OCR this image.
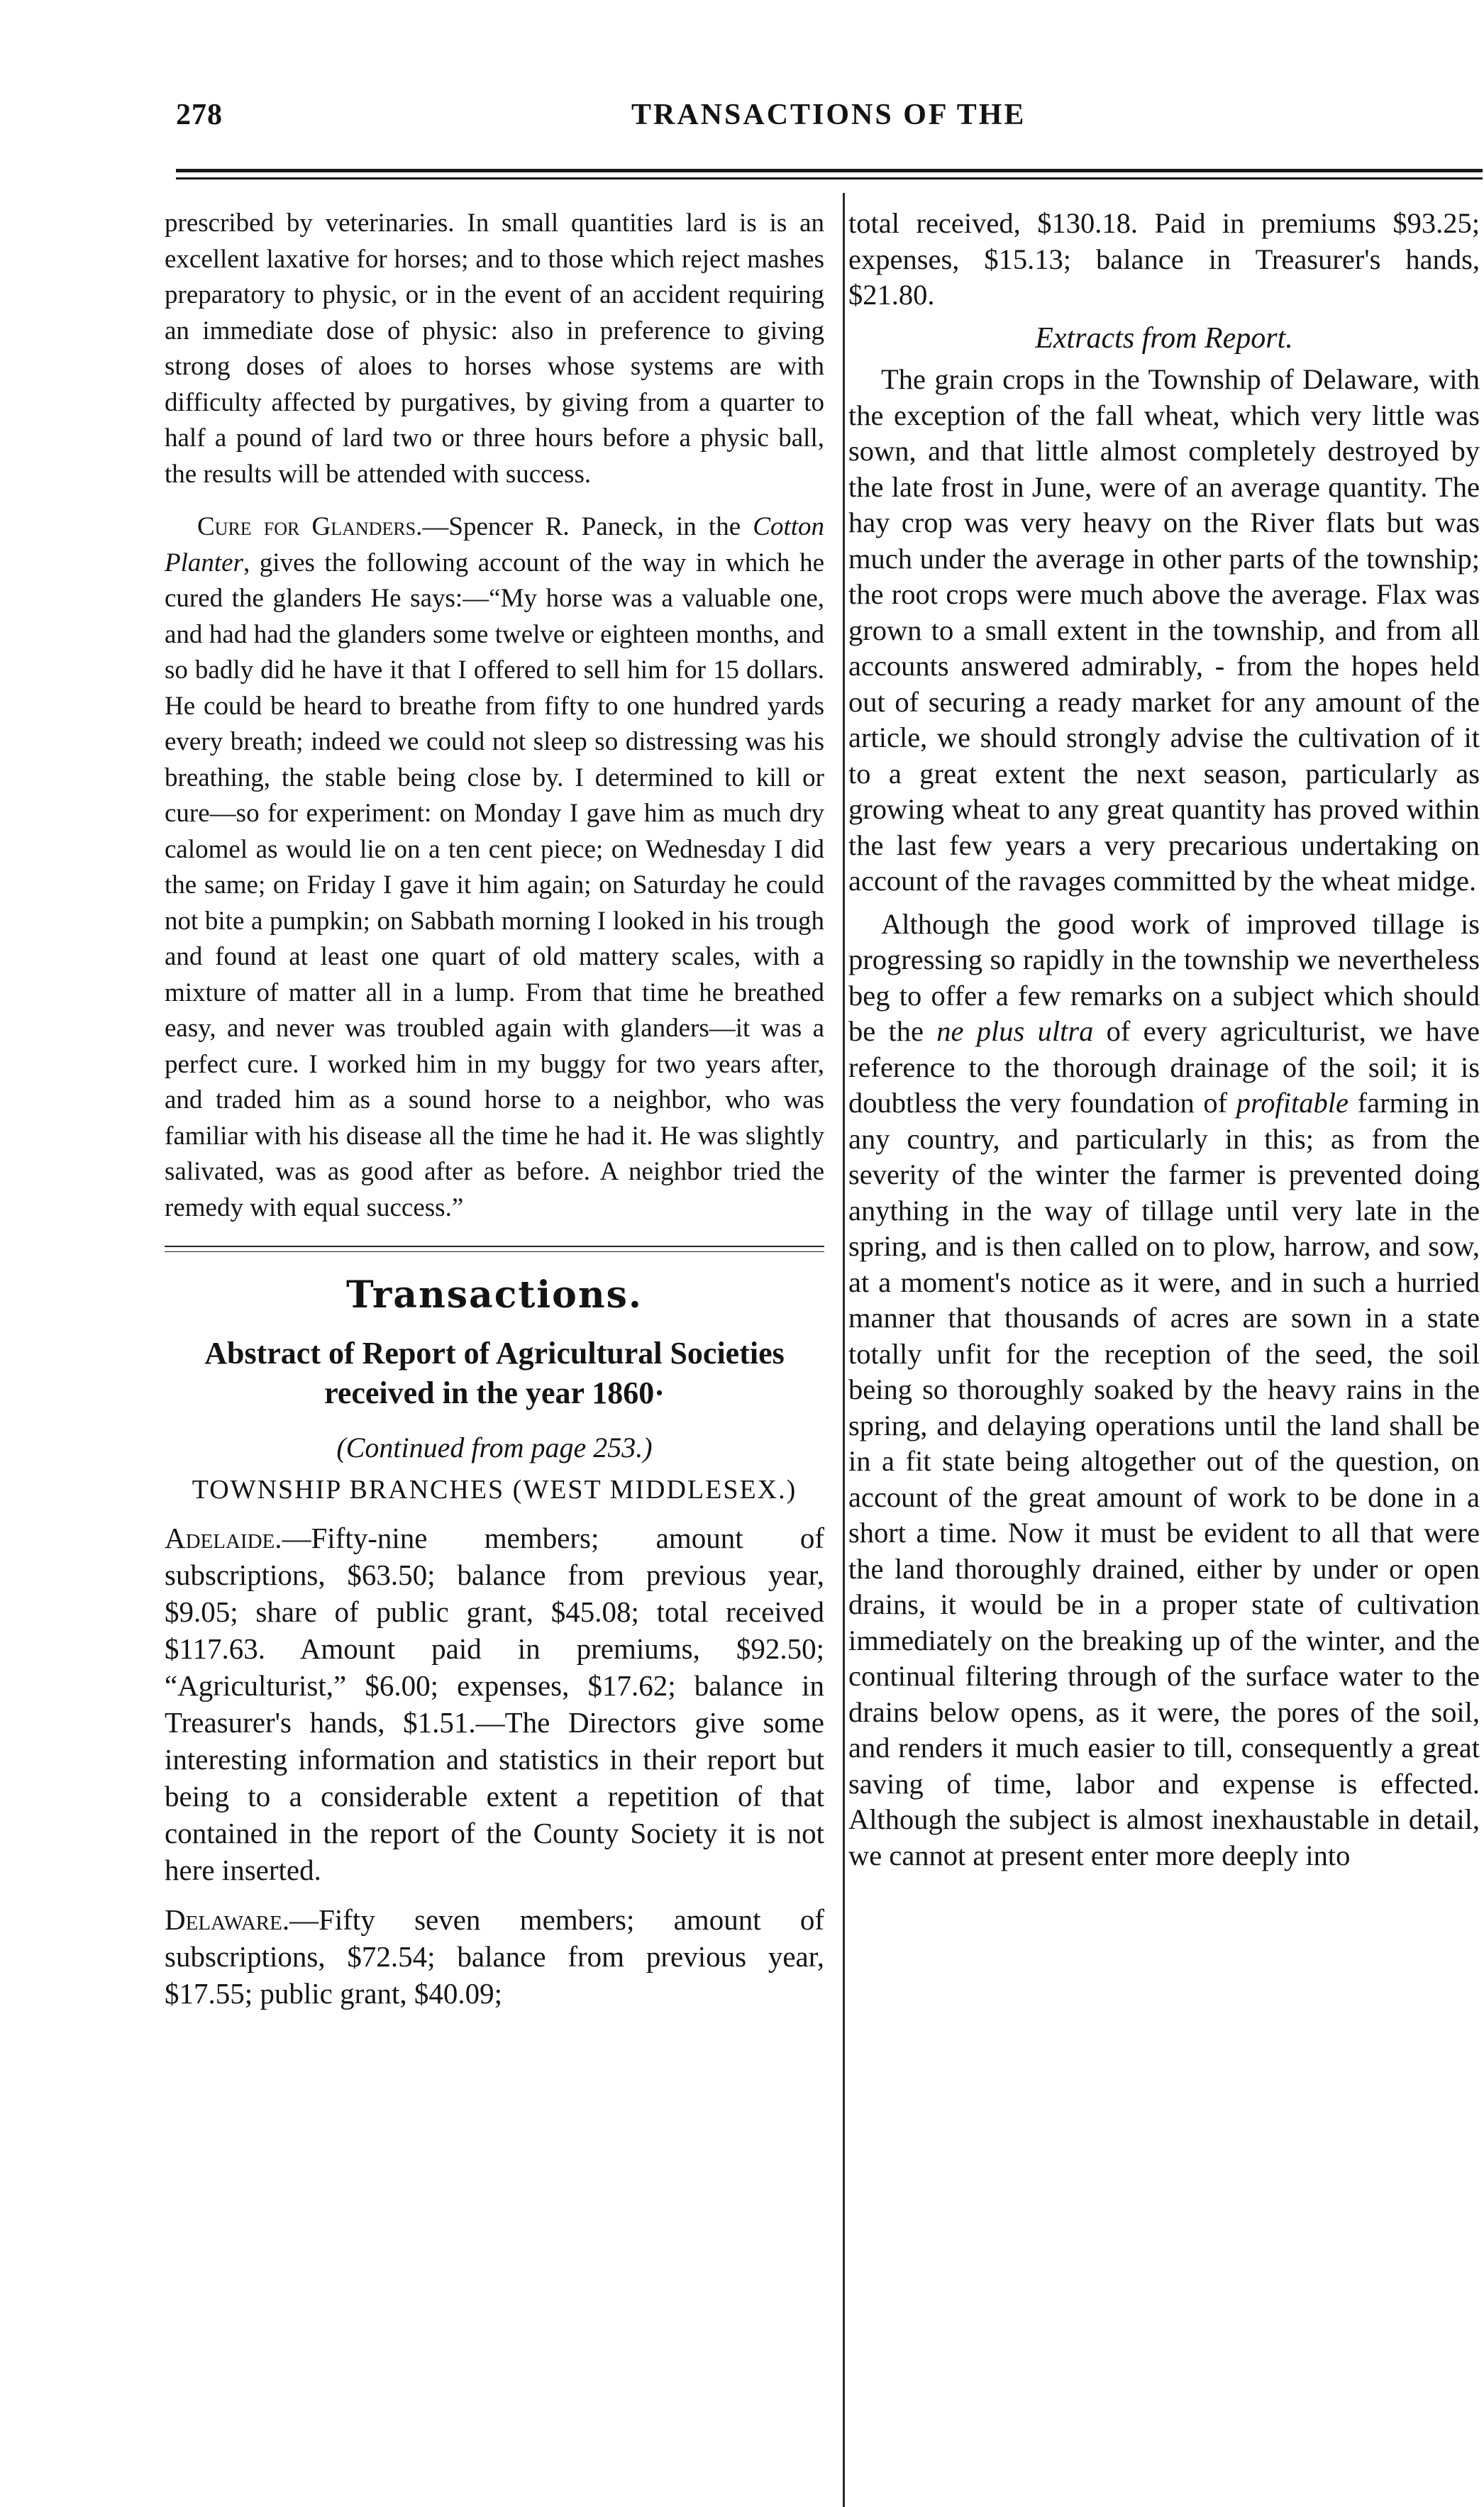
278	TRANSACTIONS OF THE

prescribed by veterinaries. In small quantities lard is is an excellent laxative for horses; and to those which reject mashes preparatory to physic, or in the event of an accident requiring an immediate dose of physic: also in preference to giving strong doses of aloes to horses whose systems are with difficulty affected by purgatives, by giving from a quarter to half a pound of lard two or three hours before a physic ball, the results will be attended with success.

Cure for Glanders.—Spencer R. Paneck, in the Cotton Planter, gives the following account of the way in which he cured the glanders He says:—“My horse was a valuable one, and had had the glanders some twelve or eighteen months, and so badly did he have it that I offered to sell him for 15 dollars. He could be heard to breathe from fifty to one hundred yards every breath; indeed we could not sleep so distressing was his breathing, the stable being close by. I determined to kill or cure—so for experiment: on Monday I gave him as much dry calomel as would lie on a ten cent piece; on Wednesday I did the same; on Friday I gave it him again; on Saturday he could not bite a pumpkin; on Sabbath morning I looked in his trough and found at least one quart of old mattery scales, with a mixture of matter all in a lump. From that time he breathed easy, and never was troubled again with glanders—it was a perfect cure. I worked him in my buggy for two years after, and traded him as a sound horse to a neighbor, who was familiar with his disease all the time he had it. He was slightly salivated, was as good after as before. A neighbor tried the remedy with equal success.”

Transactions.
Abstract of Report of Agricultural Societies received in the year 1860·
(Continued from page 253.)
TOWNSHIP BRANCHES (WEST MIDDLESEX.)

Adelaide.—Fifty-nine members; amount of subscriptions, $63.50; balance from previous year, $9.05; share of public grant, $45.08; total received $117.63. Amount paid in premiums, $92.50; “Agriculturist,” $6.00; expenses, $17.62; balance in Treasurer's hands, $1.51.—The Directors give some interesting information and statistics in their report but being to a considerable extent a repetition of that contained in the report of the County Society it is not here inserted.

Delaware.—Fifty seven members; amount of subscriptions, $72.54; balance from previous year, $17.55; public grant, $40.09;

total received, $130.18. Paid in premiums $93.25; expenses, $15.13; balance in Treasurer's hands, $21.80.

Extracts from Report.

The grain crops in the Township of Delaware, with the exception of the fall wheat, which very little was sown, and that little almost completely destroyed by the late frost in June, were of an average quantity. The hay crop was very heavy on the River flats but was much under the average in other parts of the township; the root crops were much above the average. Flax was grown to a small extent in the township, and from all accounts answered admirably, - from the hopes held out of securing a ready market for any amount of the article, we should strongly advise the cultivation of it to a great extent the next season, particularly as growing wheat to any great quantity has proved within the last few years a very precarious undertaking on account of the ravages committed by the wheat midge.

Although the good work of improved tillage is progressing so rapidly in the township we nevertheless beg to offer a few remarks on a subject which should be the ne plus ultra of every agriculturist, we have reference to the thorough drainage of the soil; it is doubtless the very foundation of profitable farming in any country, and particularly in this; as from the severity of the winter the farmer is prevented doing anything in the way of tillage until very late in the spring, and is then called on to plow, harrow, and sow, at a moment's notice as it were, and in such a hurried manner that thousands of acres are sown in a state totally unfit for the reception of the seed, the soil being so thoroughly soaked by the heavy rains in the spring, and delaying operations until the land shall be in a fit state being altogether out of the question, on account of the great amount of work to be done in a short a time. Now it must be evident to all that were the land thoroughly drained, either by under or open drains, it would be in a proper state of cultivation immediately on the breaking up of the winter, and the continual filtering through of the surface water to the drains below opens, as it were, the pores of the soil, and renders it much easier to till, consequently a great saving of time, labor and expense is effected. Although the subject is almost inexhaustable in detail, we cannot at present enter more deeply into
